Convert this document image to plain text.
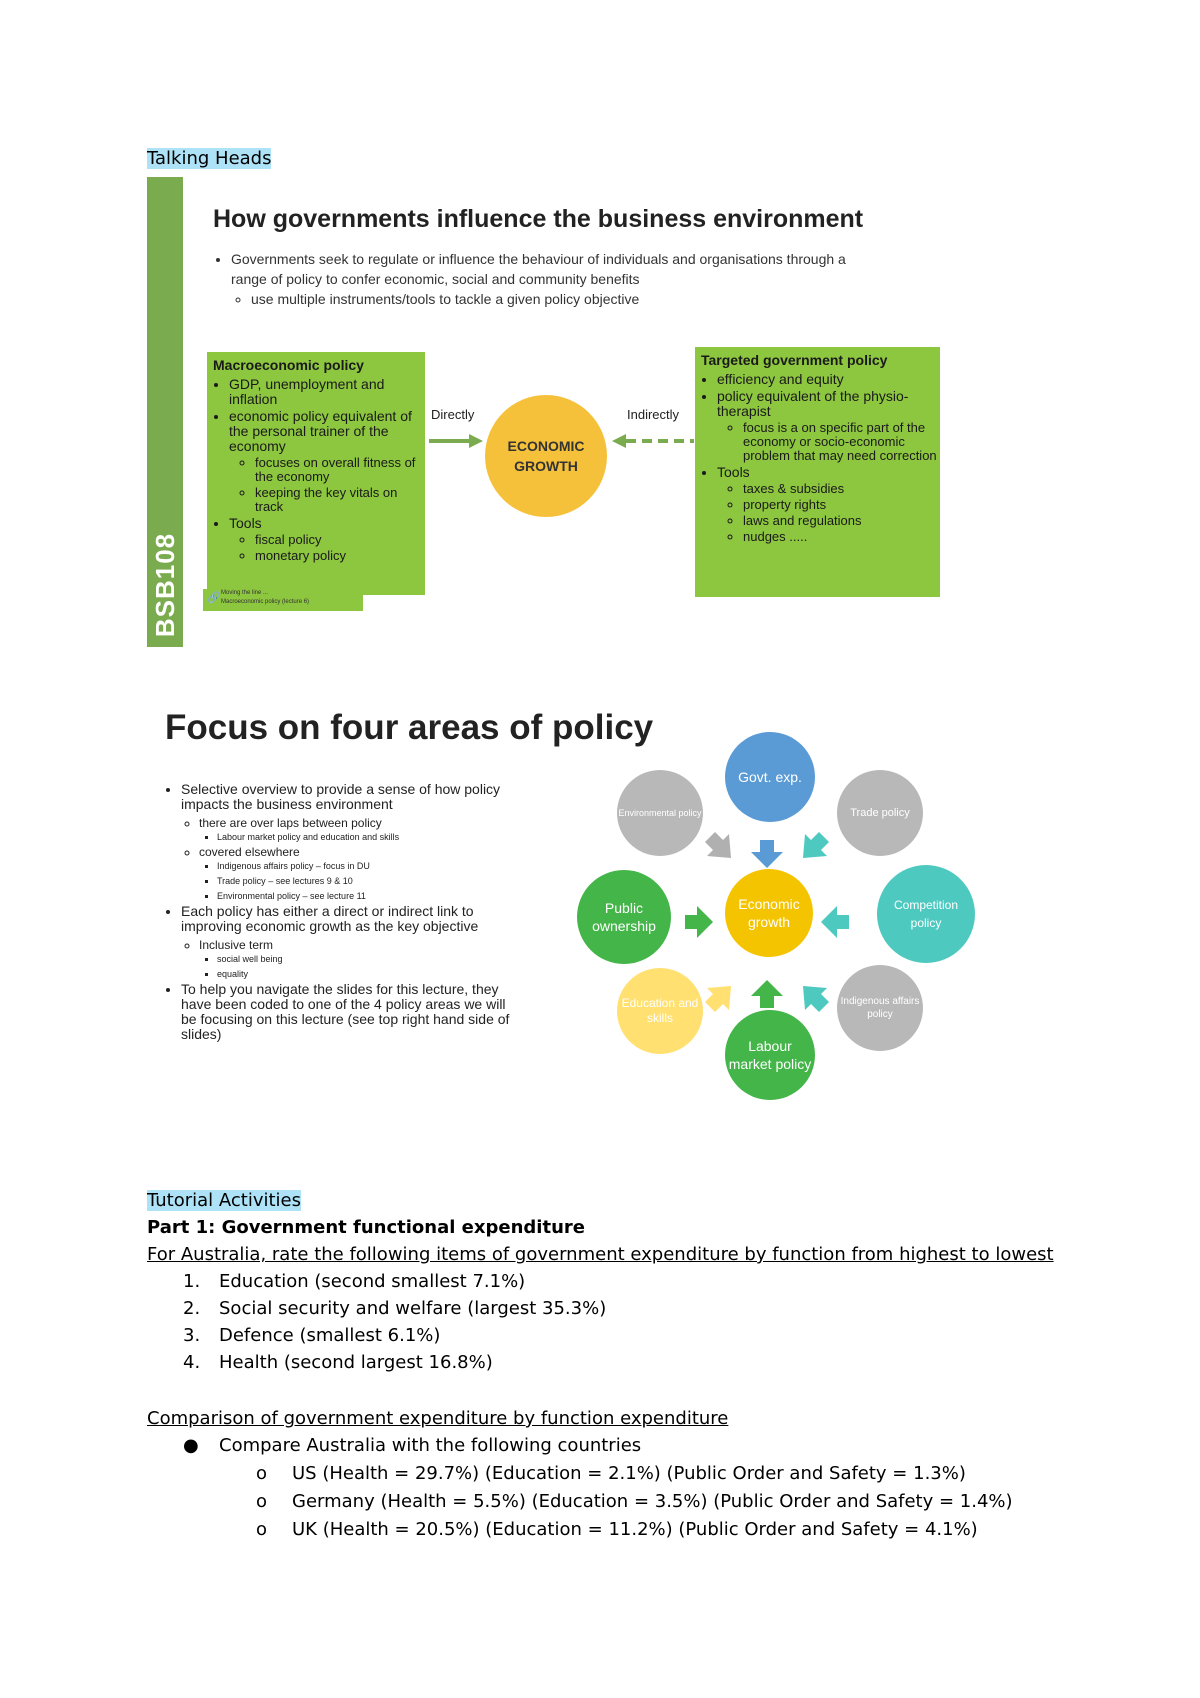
Talking Heads
BSB108
How governments influence the business environment
• Governments seek to regulate or influence the behaviour of individuals and organisations through a range of policy to confer economic, social and community benefits
◦ use multiple instruments/tools to tackle a given policy objective
Macroeconomic policy
• GDP, unemployment and inflation
• economic policy equivalent of the personal trainer of the economy
◦ focuses on overall fitness of the economy
◦ keeping the key vitals on track
• Tools
◦ fiscal policy
◦ monetary policy
🔗 Moving the line ...
Macroeconomic policy (lecture 6)
Directly
ECONOMIC
GROWTH
Indirectly
Targeted government policy
• efficiency and equity
• policy equivalent of the physio-therapist
◦ focus is a on specific part of the economy or socio-economic problem that may need correction
• Tools
◦ taxes & subsidies
◦ property rights
◦ laws and regulations
◦ nudges .....
Focus on four areas of policy
• Selective overview to provide a sense of how policy impacts the business environment
◦ there are over laps between policy
▪ Labour market policy and education and skills
◦ covered elsewhere
▪ Indigenous affairs policy – focus in DU
▪ Trade policy – see lectures 9 & 10
▪ Environmental policy – see lecture 11
• Each policy has either a direct or indirect link to improving economic growth as the key objective
◦ Inclusive term
▪ social well being
▪ equality
• To help you navigate the slides for this lecture, they have been coded to one of the 4 policy areas we will be focusing on this lecture (see top right hand side of slides)
Economic growth
Govt. exp.
Trade policy
Competition policy
Indigenous affairs policy
Labour market policy
Education and skills
Public ownership
Environmental policy
Tutorial Activities
Part 1: Government functional expenditure
For Australia, rate the following items of government expenditure by function from highest to lowest
1. Education (second smallest 7.1%)
2. Social security and welfare (largest 35.3%)
3. Defence (smallest 6.1%)
4. Health (second largest 16.8%)
Comparison of government expenditure by function expenditure
● Compare Australia with the following countries
o US (Health = 29.7%) (Education = 2.1%) (Public Order and Safety = 1.3%)
o Germany (Health = 5.5%) (Education = 3.5%) (Public Order and Safety = 1.4%)
o UK (Health = 20.5%) (Education = 11.2%) (Public Order and Safety = 4.1%)
